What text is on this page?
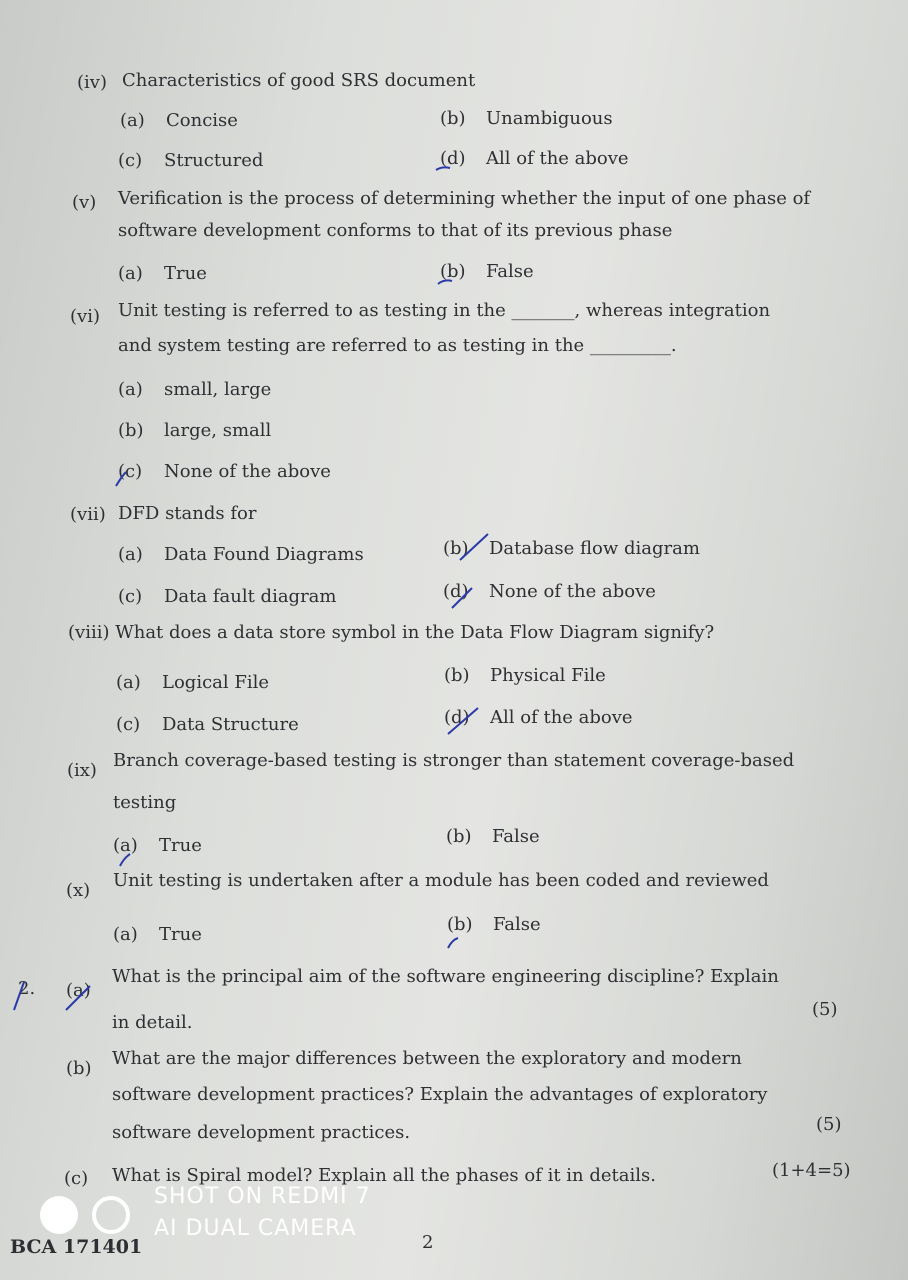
(iv) Characteristics of good SRS document
(a) Concise	(b) Unambiguous
(c) Structured	(d) All of the above
(v) Verification is the process of determining whether the input of one phase of
software development conforms to that of its previous phase
(a) True	(b) False
(vi) Unit testing is referred to as testing in the _______, whereas integration
and system testing are referred to as testing in the _________.
(a) small, large
(b) large, small
(c) None of the above
(vii) DFD stands for
(a) Data Found Diagrams	(b) Database flow diagram
(c) Data fault diagram	(d) None of the above
(viii) What does a data store symbol in the Data Flow Diagram signify?
(a) Logical File	(b) Physical File
(c) Data Structure	(d) All of the above
(ix) Branch coverage-based testing is stronger than statement coverage-based
testing
(a) True	(b) False
(x) Unit testing is undertaken after a module has been coded and reviewed
(a) True	(b) False
2. (a)
What is the principal aim of the software engineering discipline? Explain
in detail.
(5)
(b) What are the major differences between the exploratory and modern
software development practices? Explain the advantages of exploratory
software development practices.	(5)
(c) What is Spiral model? Explain all the phases of it in details.	(1+4=5)
SHOT ON REDMI 7
AI DUAL CAMERA
BCA 171401	2
